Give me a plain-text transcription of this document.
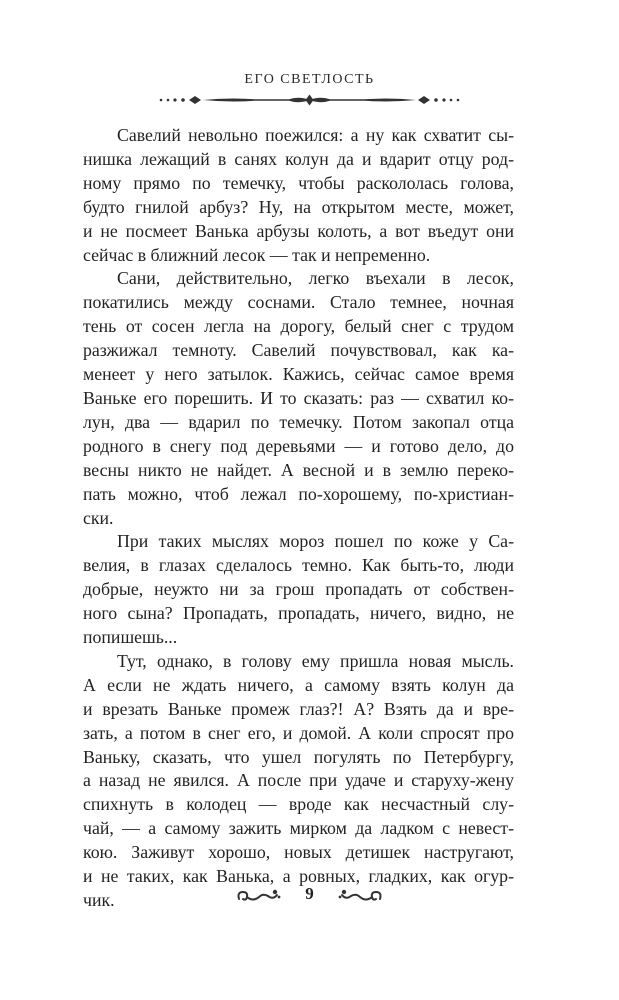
ЕГО СВЕТЛОСТЬ
Савелий невольно поежился: а ну как схватит сы-
нишка лежащий в санях колун да и вдарит отцу род-
ному прямо по темечку, чтобы раскололась голова,
будто гнилой арбуз? Ну, на открытом месте, может,
и не посмеет Ванька арбузы колоть, а вот въедут они
сейчас в ближний лесок — так и непременно.
Сани, действительно, легко въехали в лесок,
покатились между соснами. Стало темнее, ночная
тень от сосен легла на дорогу, белый снег с трудом
разжижал темноту. Савелий почувствовал, как ка-
менеет у него затылок. Кажись, сейчас самое время
Ваньке его порешить. И то сказать: раз — схватил ко-
лун, два — вдарил по темечку. Потом закопал отца
родного в снегу под деревьями — и готово дело, до
весны никто не найдет. А весной и в землю переко-
пать можно, чтоб лежал по-хорошему, по-христиан-
ски.
При таких мыслях мороз пошел по коже у Са-
велия, в глазах сделалось темно. Как быть-то, люди
добрые, неужто ни за грош пропадать от собствен-
ного сына? Пропадать, пропадать, ничего, видно, не
попишешь...
Тут, однако, в голову ему пришла новая мысль.
А если не ждать ничего, а самому взять колун да
и врезать Ваньке промеж глаз?! А? Взять да и вре-
зать, а потом в снег его, и домой. А коли спросят про
Ваньку, сказать, что ушел погулять по Петербургу,
а назад не явился. А после при удаче и старуху-жену
спихнуть в колодец — вроде как несчастный слу-
чай, — а самому зажить мирком да ладком с невест-
кою. Заживут хорошо, новых детишек настругают,
и не таких, как Ванька, а ровных, гладких, как огур-
чик.	9
